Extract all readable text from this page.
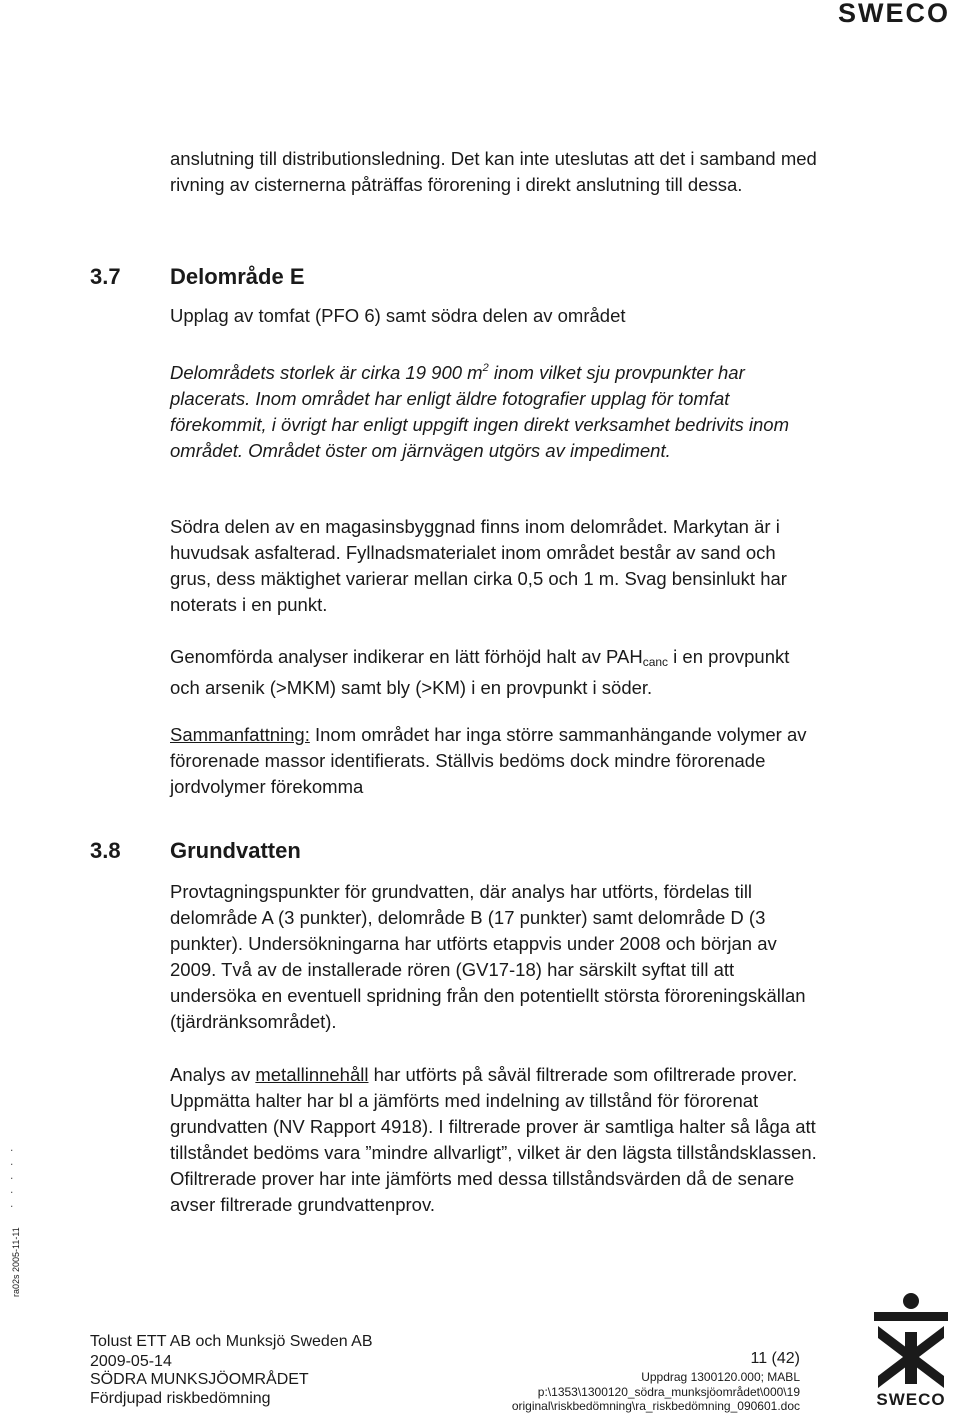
SWECO

anslutning till distributionsledning. Det kan inte uteslutas att det i samband med rivning av cisternerna påträffas förorening i direkt anslutning till dessa.

3.7 Delområde E
Upplag av tomfat (PFO 6) samt södra delen av området

Delområdets storlek är cirka 19 900 $m^2$ inom vilket sju provpunkter har placerats. Inom området har enligt äldre fotografier upplag för tomfat förekommit, i övrigt har enligt uppgift ingen direkt verksamhet bedrivits inom området. Området öster om järnvägen utgörs av impediment.

Södra delen av en magasinsbyggnad finns inom delområdet. Markytan är i huvudsak asfalterad. Fyllnadsmaterialet inom området består av sand och grus, dess mäktighet varierar mellan cirka 0,5 och 1 m. Svag bensinlukt har noterats i en punkt.

Genomförda analyser indikerar en lätt förhöjd halt av $PAH_{canc}$ i en provpunkt och arsenik (>MKM) samt bly (>KM) i en provpunkt i söder.

Sammanfattning: Inom området har inga större sammanhängande volymer av förorenade massor identifierats. Ställvis bedöms dock mindre förorenade jordvolymer förekomma

3.8 Grundvatten

Provtagningspunkter för grundvatten, där analys har utförts, fördelas till delområde A (3 punkter), delområde B (17 punkter) samt delområde D (3 punkter). Undersökningarna har utförts etappvis under 2008 och början av 2009. Två av de installerade rören (GV17-18) har särskilt syftat till att undersöka en eventuell spridning från den potentiellt största föroreningskällan (tjärdränksområdet).

Analys av metallinnehåll har utförts på såväl filtrerade som ofiltrerade prover. Uppmätta halter har bl a jämförts med indelning av tillstånd för förorenat grundvatten (NV Rapport 4918). I filtrerade prover är samtliga halter så låga att tillståndet bedöms vara ”mindre allvarligt”, vilket är den lägsta tillståndsklassen. Ofiltrerade prover har inte jämförts med dessa tillståndsvärden då de senare avser filtrerade grundvattenprov.

.
.
.
.
.
ra02s 2005-11-11
Tolust ETT AB och Munksjö Sweden AB
2009-05-14
SÖDRA MUNKSJÖOMRÅDET
Fördjupad riskbedömning
11 (42)
Uppdrag 1300120.000; MABL
p:\1353\1300120_södra_munksjöområdet\000\19
original\riskbedömning\ra_riskbedömning_090601.doc	SWECO
